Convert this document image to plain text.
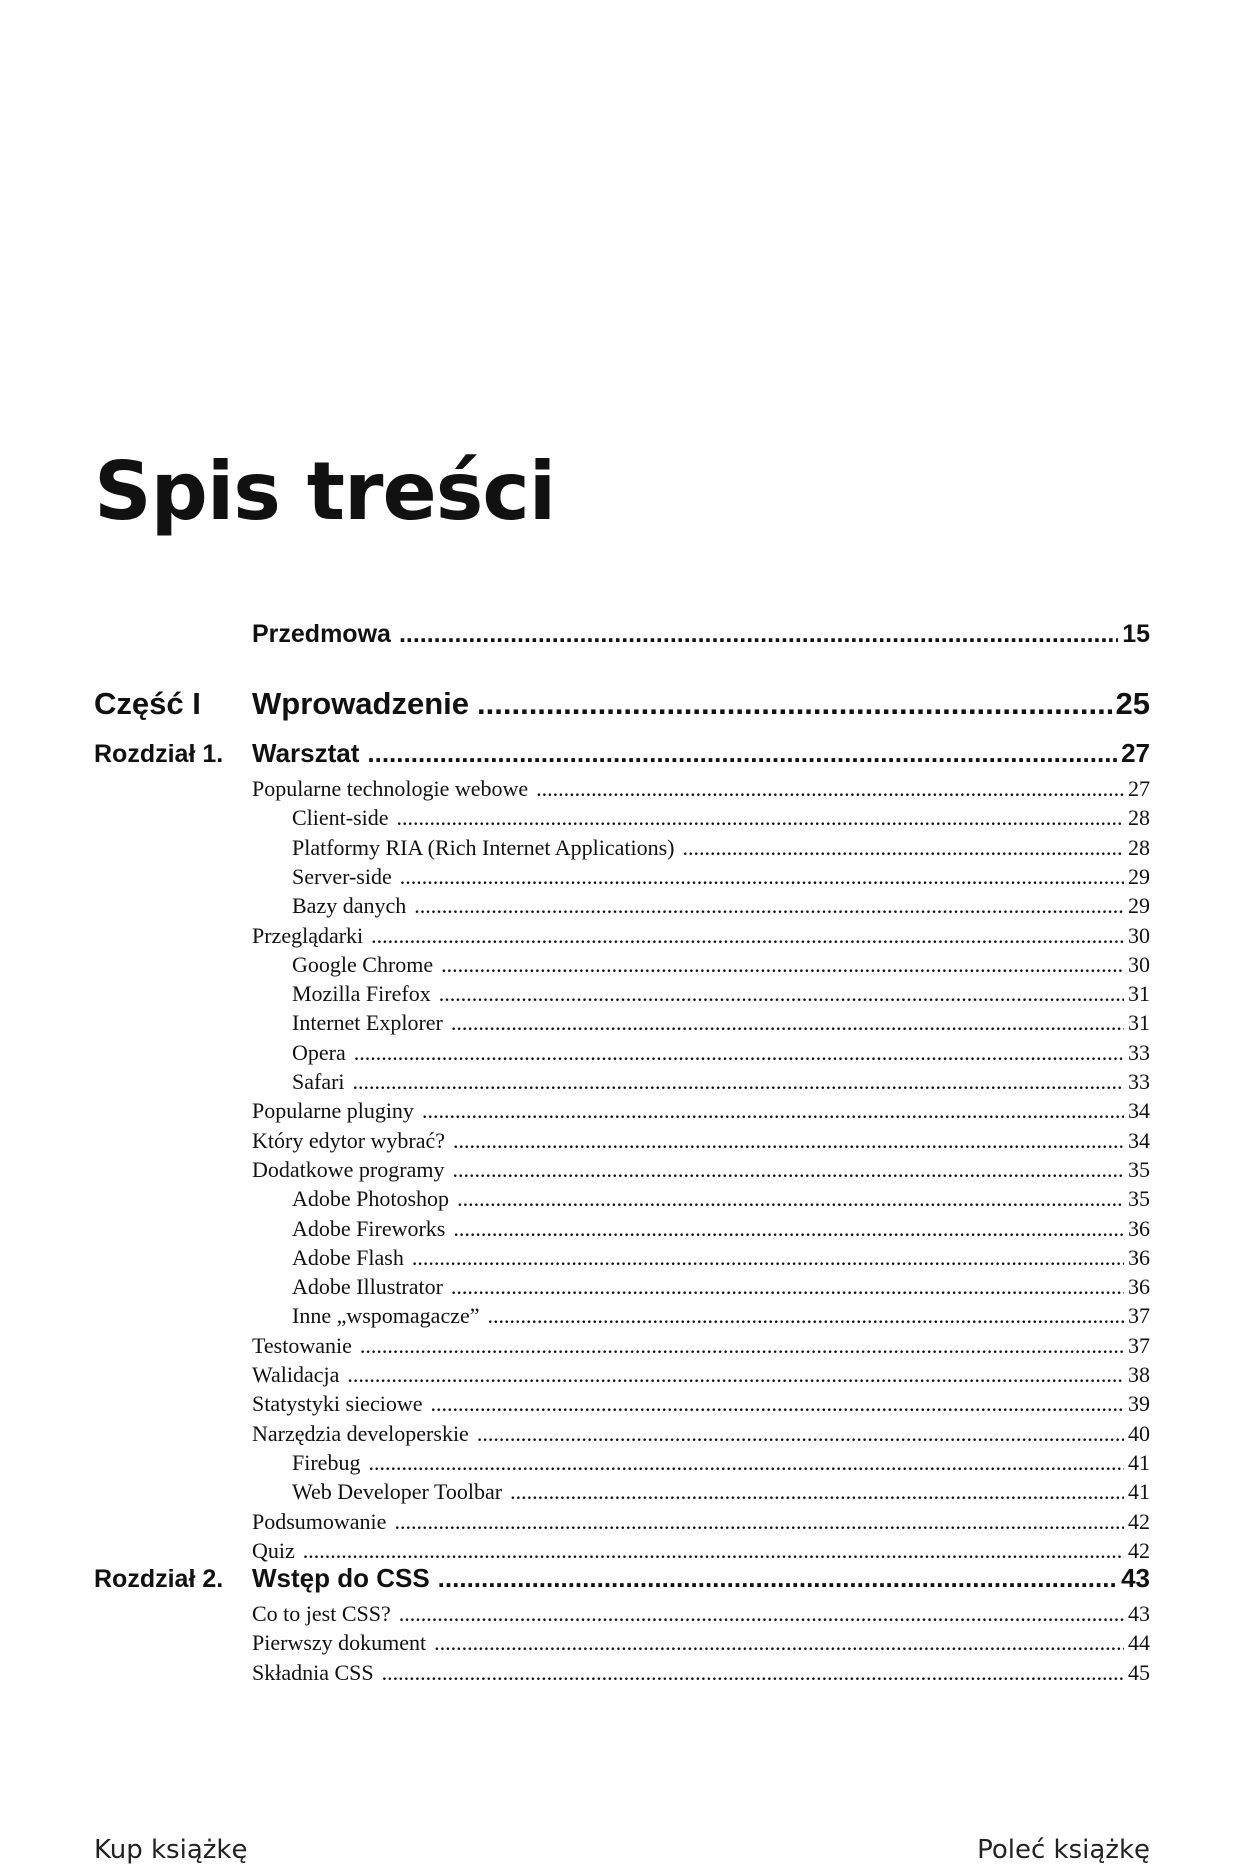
Spis treści
Przedmowa .....	15
Część I Wprowadzenie .....	25
Rozdział 1. Warsztat .....	27
Popularne technologie webowe .....	27
Client-side .....	28
Platformy RIA (Rich Internet Applications) .....	28
Server-side .....	29
Bazy danych .....	29
Przeglądarki .....	30
Google Chrome .....	30
Mozilla Firefox .....	31
Internet Explorer .....	31
Opera .....	33
Safari .....	33
Popularne pluginy .....	34
Który edytor wybrać? .....	34
Dodatkowe programy .....	35
Adobe Photoshop .....	35
Adobe Fireworks .....	36
Adobe Flash .....	36
Adobe Illustrator .....	36
Inne „wspomagacze” .....	37
Testowanie .....	37
Walidacja .....	38
Statystyki sieciowe .....	39
Narzędzia developerskie .....	40
Firebug .....	41
Web Developer Toolbar .....	41
Podsumowanie .....	42
Quiz .....	42
Rozdział 2. Wstęp do CSS .....	43
Co to jest CSS? .....	43
Pierwszy dokument .....	44
Składnia CSS .....	45
Kup książkę	Poleć książkę
